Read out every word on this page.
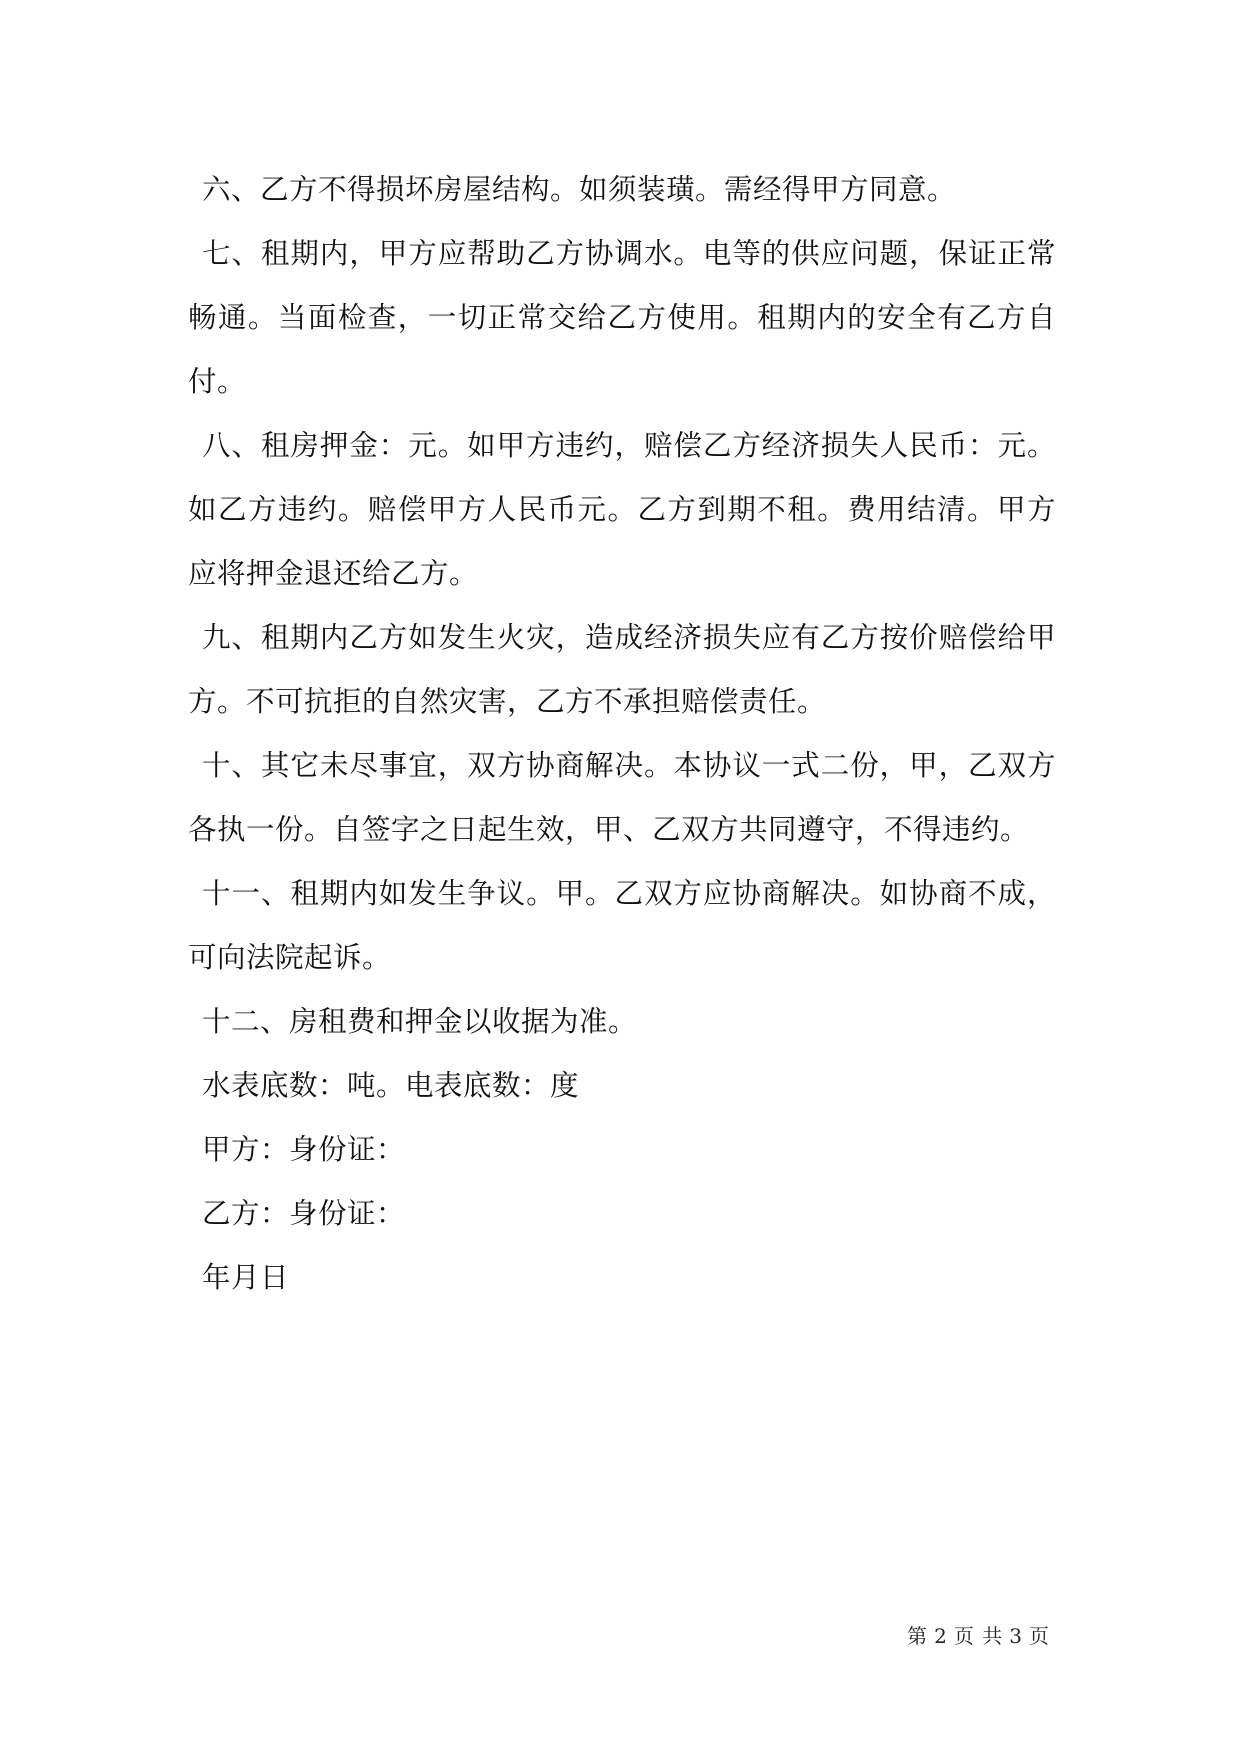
六、乙方不得损坏房屋结构。如须装璜。需经得甲方同意。

七、租期内，甲方应帮助乙方协调水。电等的供应问题，保证正常畅通。当面检查，一切正常交给乙方使用。租期内的安全有乙方自付。

八、租房押金：元。如甲方违约，赔偿乙方经济损失人民币：元。如乙方违约。赔偿甲方人民币元。乙方到期不租。费用结清。甲方应将押金退还给乙方。

九、租期内乙方如发生火灾，造成经济损失应有乙方按价赔偿给甲方。不可抗拒的自然灾害，乙方不承担赔偿责任。

十、其它未尽事宜，双方协商解决。本协议一式二份，甲，乙双方各执一份。自签字之日起生效，甲、乙双方共同遵守，不得违约。

十一、租期内如发生争议。甲。乙双方应协商解决。如协商不成，可向法院起诉。

十二、房租费和押金以收据为准。

水表底数：吨。电表底数：度

甲方：身份证：

乙方：身份证：

年月日

第 2 页 共 3 页
